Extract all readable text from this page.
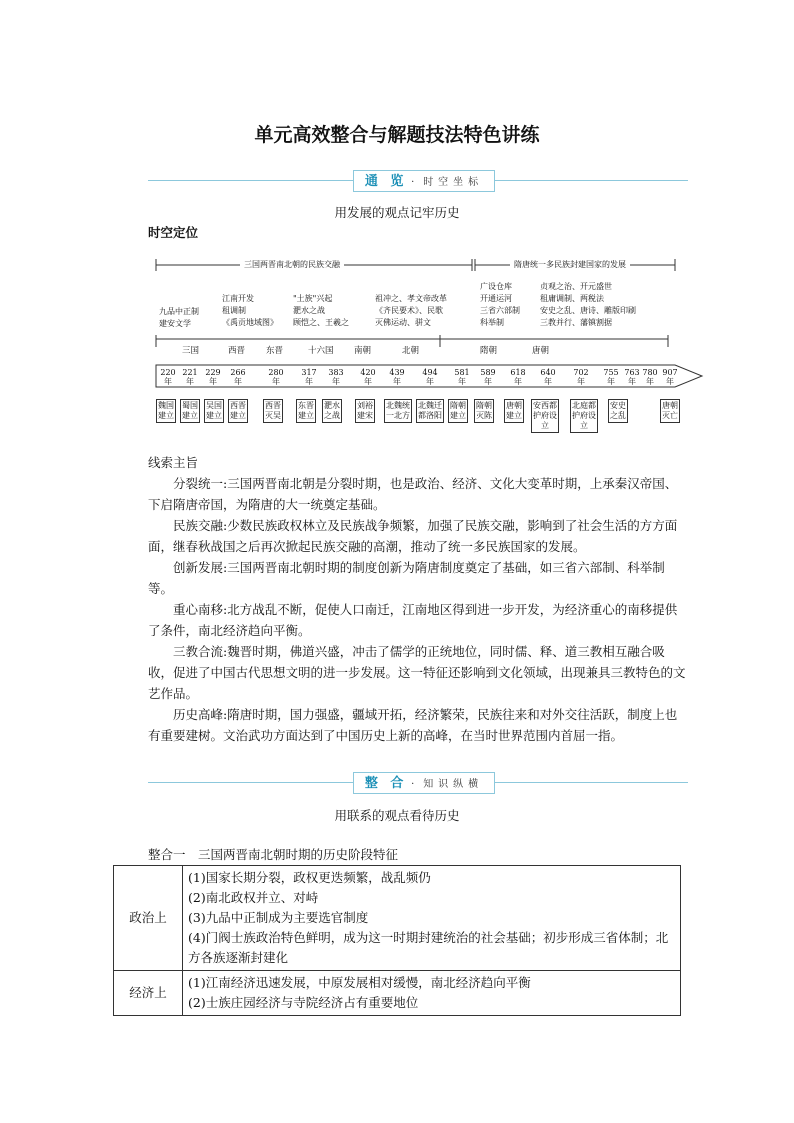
单元高效整合与解题技法特色讲练
通 览 · 时空坐标
用发展的观点记牢历史
时空定位
三国两晋南北朝的民族交融	隋唐统一多民族封建国家的发展
九品中正制
建安文学
江南开发
租调制
《禹贡地域图》
"土族"兴起
淝水之战
顾恺之、王羲之
祖冲之、孝文帝改革
《齐民要术》、民歌
灭佛运动、骈文
广设仓库
开通运河
三省六部制
科举制
贞观之治、开元盛世
租庸调制、两税法
安史之乱、唐诗、雕版印刷
三教并行、藩镇割据
三国	西晋 东晋	十六国 南朝	北朝	隋朝	唐朝
220
年
221
年
229
年
266
年
280
年
317
年
383
年
420
年
439
年
494
年
581
年
589
年
618
年
640
年
702
年
755
年
763
年
780
年
907
年
魏国
建立
蜀国
建立
吴国
建立
西晋
建立
西晋
灭吴
东晋
建立
淝水
之战
刘裕
建宋
北魏统
一北方
北魏迁
都洛阳
隋朝
建立
隋朝
灭陈
唐朝
建立
安西都
护府设
立
北庭都
护府设
立
安史
之乱
唐朝
灭亡
线索主旨

分裂统一:三国两晋南北朝是分裂时期，也是政治、经济、文化大变革时期，上承秦汉帝国、下启隋唐帝国，为隋唐的大一统奠定基础。

民族交融:少数民族政权林立及民族战争频繁，加强了民族交融，影响到了社会生活的方方面面，继春秋战国之后再次掀起民族交融的高潮，推动了统一多民族国家的发展。

创新发展:三国两晋南北朝时期的制度创新为隋唐制度奠定了基础，如三省六部制、科举制等。

重心南移:北方战乱不断，促使人口南迁，江南地区得到进一步开发，为经济重心的南移提供了条件，南北经济趋向平衡。

三教合流:魏晋时期，佛道兴盛，冲击了儒学的正统地位，同时儒、释、道三教相互融合吸收，促进了中国古代思想文明的进一步发展。这一特征还影响到文化领域，出现兼具三教特色的文艺作品。

历史高峰:隋唐时期，国力强盛，疆域开拓，经济繁荣，民族往来和对外交往活跃，制度上也有重要建树。文治武功方面达到了中国历史上新的高峰，在当时世界范围内首屈一指。

整 合 · 知识纵横
用联系的观点看待历史
整合一　三国两晋南北朝时期的历史阶段特征
政治上	(1)国家长期分裂，政权更迭频繁，战乱频仍
(2)南北政权并立、对峙
(3)九品中正制成为主要选官制度
(4)门阀士族政治特色鲜明，成为这一时期封建统治的社会基础；初步形成三省体制；北方各族逐渐封建化

经济上	(1)江南经济迅速发展，中原发展相对缓慢，南北经济趋向平衡
(2)士族庄园经济与寺院经济占有重要地位
